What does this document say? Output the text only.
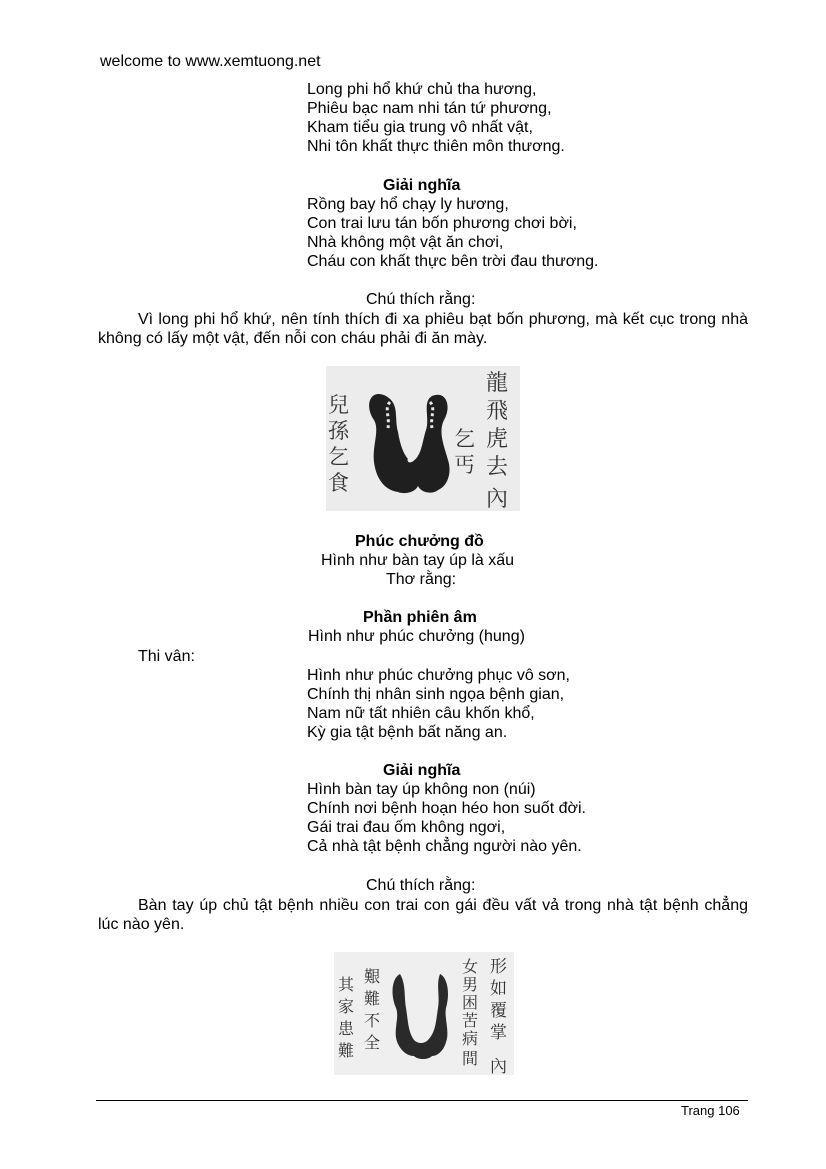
welcome to www.xemtuong.net
Long phi hổ khứ chủ tha hương,
Phiêu bạc nam nhi tán tứ phương,
Kham tiểu gia trung vô nhất vật,
Nhi tôn khất thực thiên môn thương.
Giải nghĩa
Rồng bay hổ chạy ly hương,
Con trai lưu tán bốn phương chơi bời,
Nhà không một vật ăn chơi,
Cháu con khất thực bên trời đau thương.
Chú thích rằng:
Vì long phi hổ khứ, nên tính thích đi xa phiêu bạt bốn phương, mà kết cục trong nhà không có lấy một vật, đến nỗi con cháu phải đi ăn mày.
龍
飛
虎
去
內
乞
丐
兒
孫
乞
食
Phúc chưởng đồ
Hình như bàn tay úp là xấu
Thơ rằng:
Phần phiên âm
Hình như phúc chưởng (hung)
Thi vân:
Hình như phúc chưởng phục vô sơn,
Chính thị nhân sinh ngọa bệnh gian,
Nam nữ tất nhiên câu khốn khổ,
Kỳ gia tật bệnh bất năng an.
Giải nghĩa
Hình bàn tay úp không non (núi)
Chính nơi bệnh hoạn héo hon suốt đời.
Gái trai đau ốm không ngơi,
Cả nhà tật bệnh chẳng người nào yên.
Chú thích rằng:
Bàn tay úp chủ tật bệnh nhiều con trai con gái đều vất vả trong nhà tật bệnh chẳng lúc nào yên.
形
如
覆
掌
內
女
男
困
苦
病
間
艱
難
不
全
其
家
患
難
Trang 106
